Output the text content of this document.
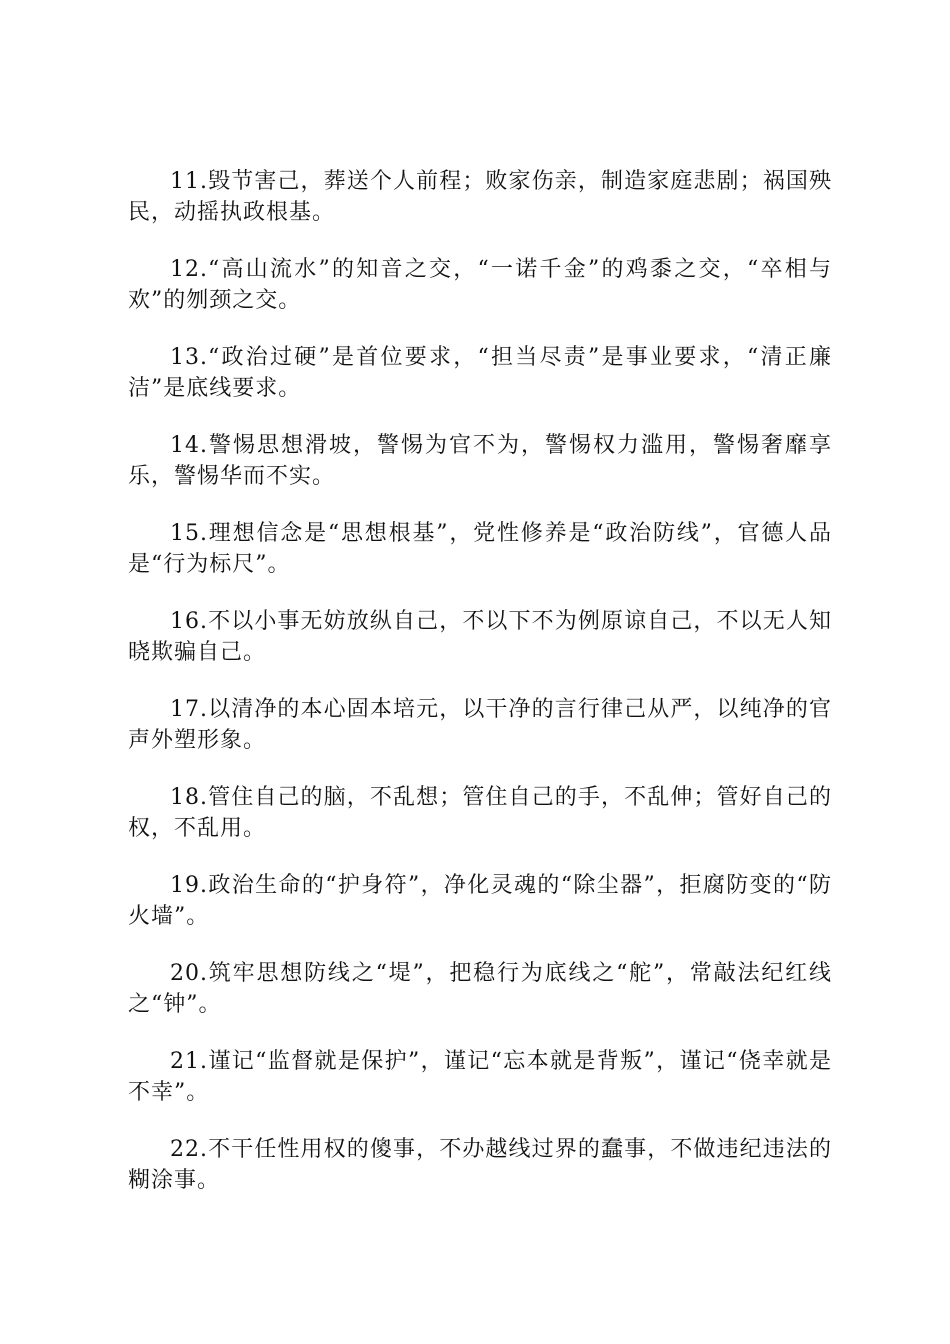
11.毁节害己，葬送个人前程；败家伤亲，制造家庭悲剧；祸国殃民，动摇执政根基。

12.“高山流水”的知音之交，“一诺千金”的鸡黍之交，“卒相与欢”的刎颈之交。

13.“政治过硬”是首位要求，“担当尽责”是事业要求，“清正廉洁”是底线要求。

14.警惕思想滑坡，警惕为官不为，警惕权力滥用，警惕奢靡享乐，警惕华而不实。

15.理想信念是“思想根基”，党性修养是“政治防线”，官德人品是“行为标尺”。

16.不以小事无妨放纵自己，不以下不为例原谅自己，不以无人知晓欺骗自己。

17.以清净的本心固本培元，以干净的言行律己从严，以纯净的官声外塑形象。

18.管住自己的脑，不乱想；管住自己的手，不乱伸；管好自己的权，不乱用。

19.政治生命的“护身符”，净化灵魂的“除尘器”，拒腐防变的“防火墙”。

20.筑牢思想防线之“堤”，把稳行为底线之“舵”，常敲法纪红线之“钟”。

21.谨记“监督就是保护”，谨记“忘本就是背叛”，谨记“侥幸就是不幸”。

22.不干任性用权的傻事，不办越线过界的蠢事，不做违纪违法的糊涂事。
